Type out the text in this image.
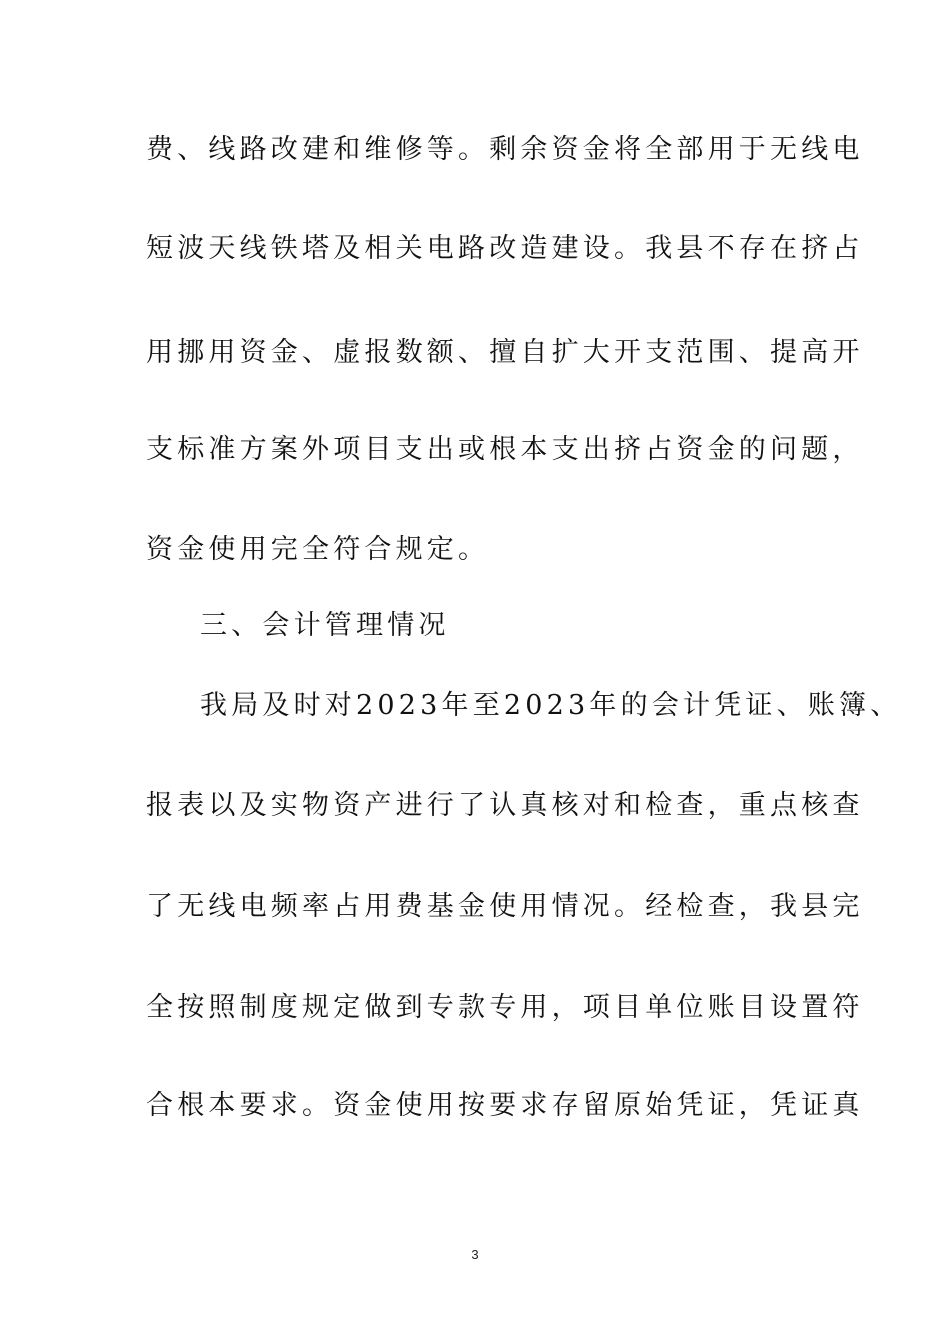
费、线路改建和维修等。剩余资金将全部用于无线电
短波天线铁塔及相关电路改造建设。我县不存在挤占
用挪用资金、虚报数额、擅自扩大开支范围、提高开
支标准方案外项目支出或根本支出挤占资金的问题，
资金使用完全符合规定。
三、会计管理情况
我局及时对2023年至2023年的会计凭证、账簿、
报表以及实物资产进行了认真核对和检查，重点核查
了无线电频率占用费基金使用情况。经检查，我县完
全按照制度规定做到专款专用，项目单位账目设置符
合根本要求。资金使用按要求存留原始凭证，凭证真
3
